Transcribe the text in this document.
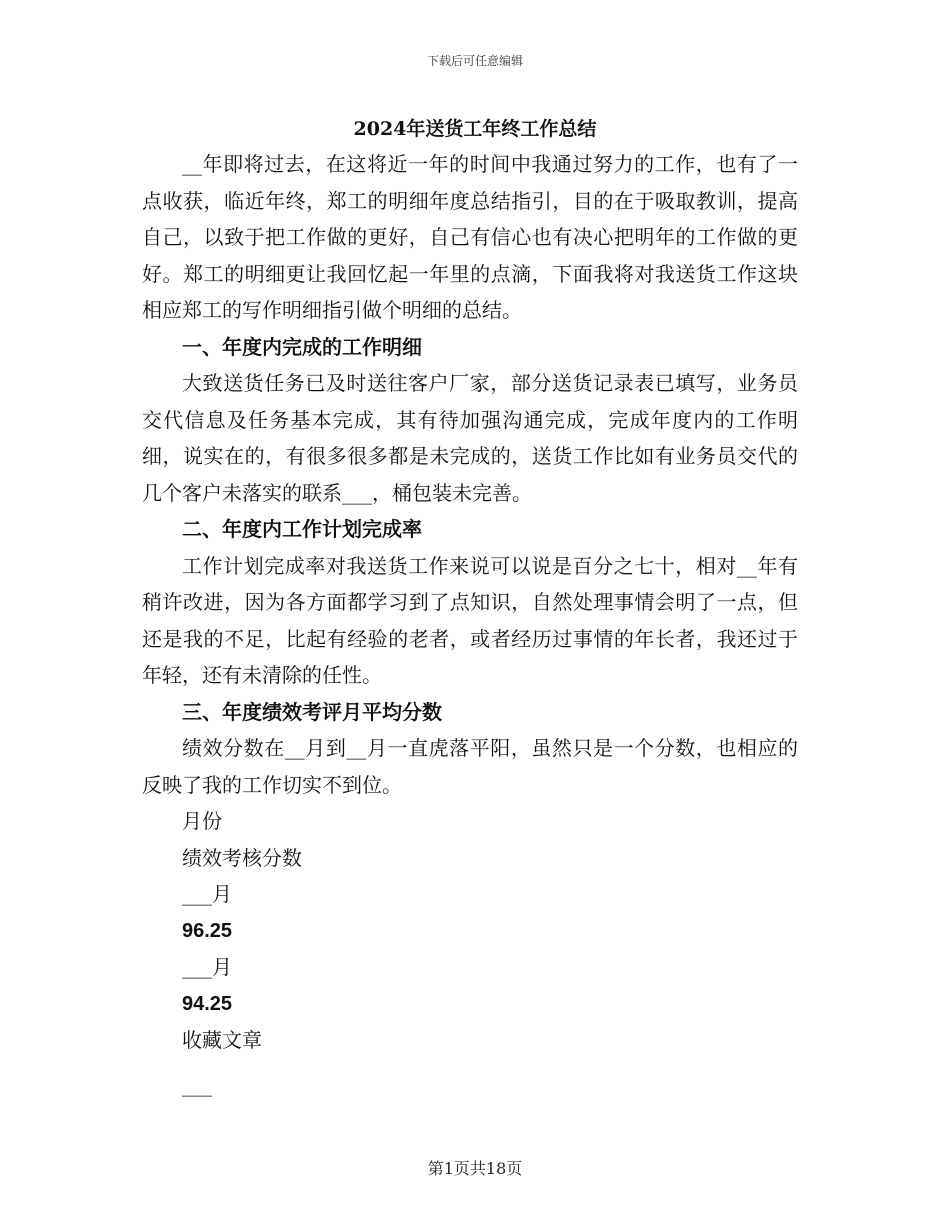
下载后可任意编辑
2024年送货工年终工作总结

__年即将过去，在这将近一年的时间中我通过努力的工作，也有了一点收获，临近年终，郑工的明细年度总结指引，目的在于吸取教训，提高自己，以致于把工作做的更好，自己有信心也有决心把明年的工作做的更好。郑工的明细更让我回忆起一年里的点滴，下面我将对我送货工作这块相应郑工的写作明细指引做个明细的总结。

一、年度内完成的工作明细

大致送货任务已及时送往客户厂家，部分送货记录表已填写，业务员交代信息及任务基本完成，其有待加强沟通完成，完成年度内的工作明细，说实在的，有很多很多都是未完成的，送货工作比如有业务员交代的几个客户未落实的联系___，桶包装未完善。

二、年度内工作计划完成率

工作计划完成率对我送货工作来说可以说是百分之七十，相对__年有稍许改进，因为各方面都学习到了点知识，自然处理事情会明了一点，但还是我的不足，比起有经验的老者，或者经历过事情的年长者，我还过于年轻，还有未清除的任性。

三、年度绩效考评月平均分数

绩效分数在__月到__月一直虎落平阳，虽然只是一个分数，也相应的反映了我的工作切实不到位。

月份

绩效考核分数

___月

96.25

___月

94.25

收藏文章

___

第1页共18页
